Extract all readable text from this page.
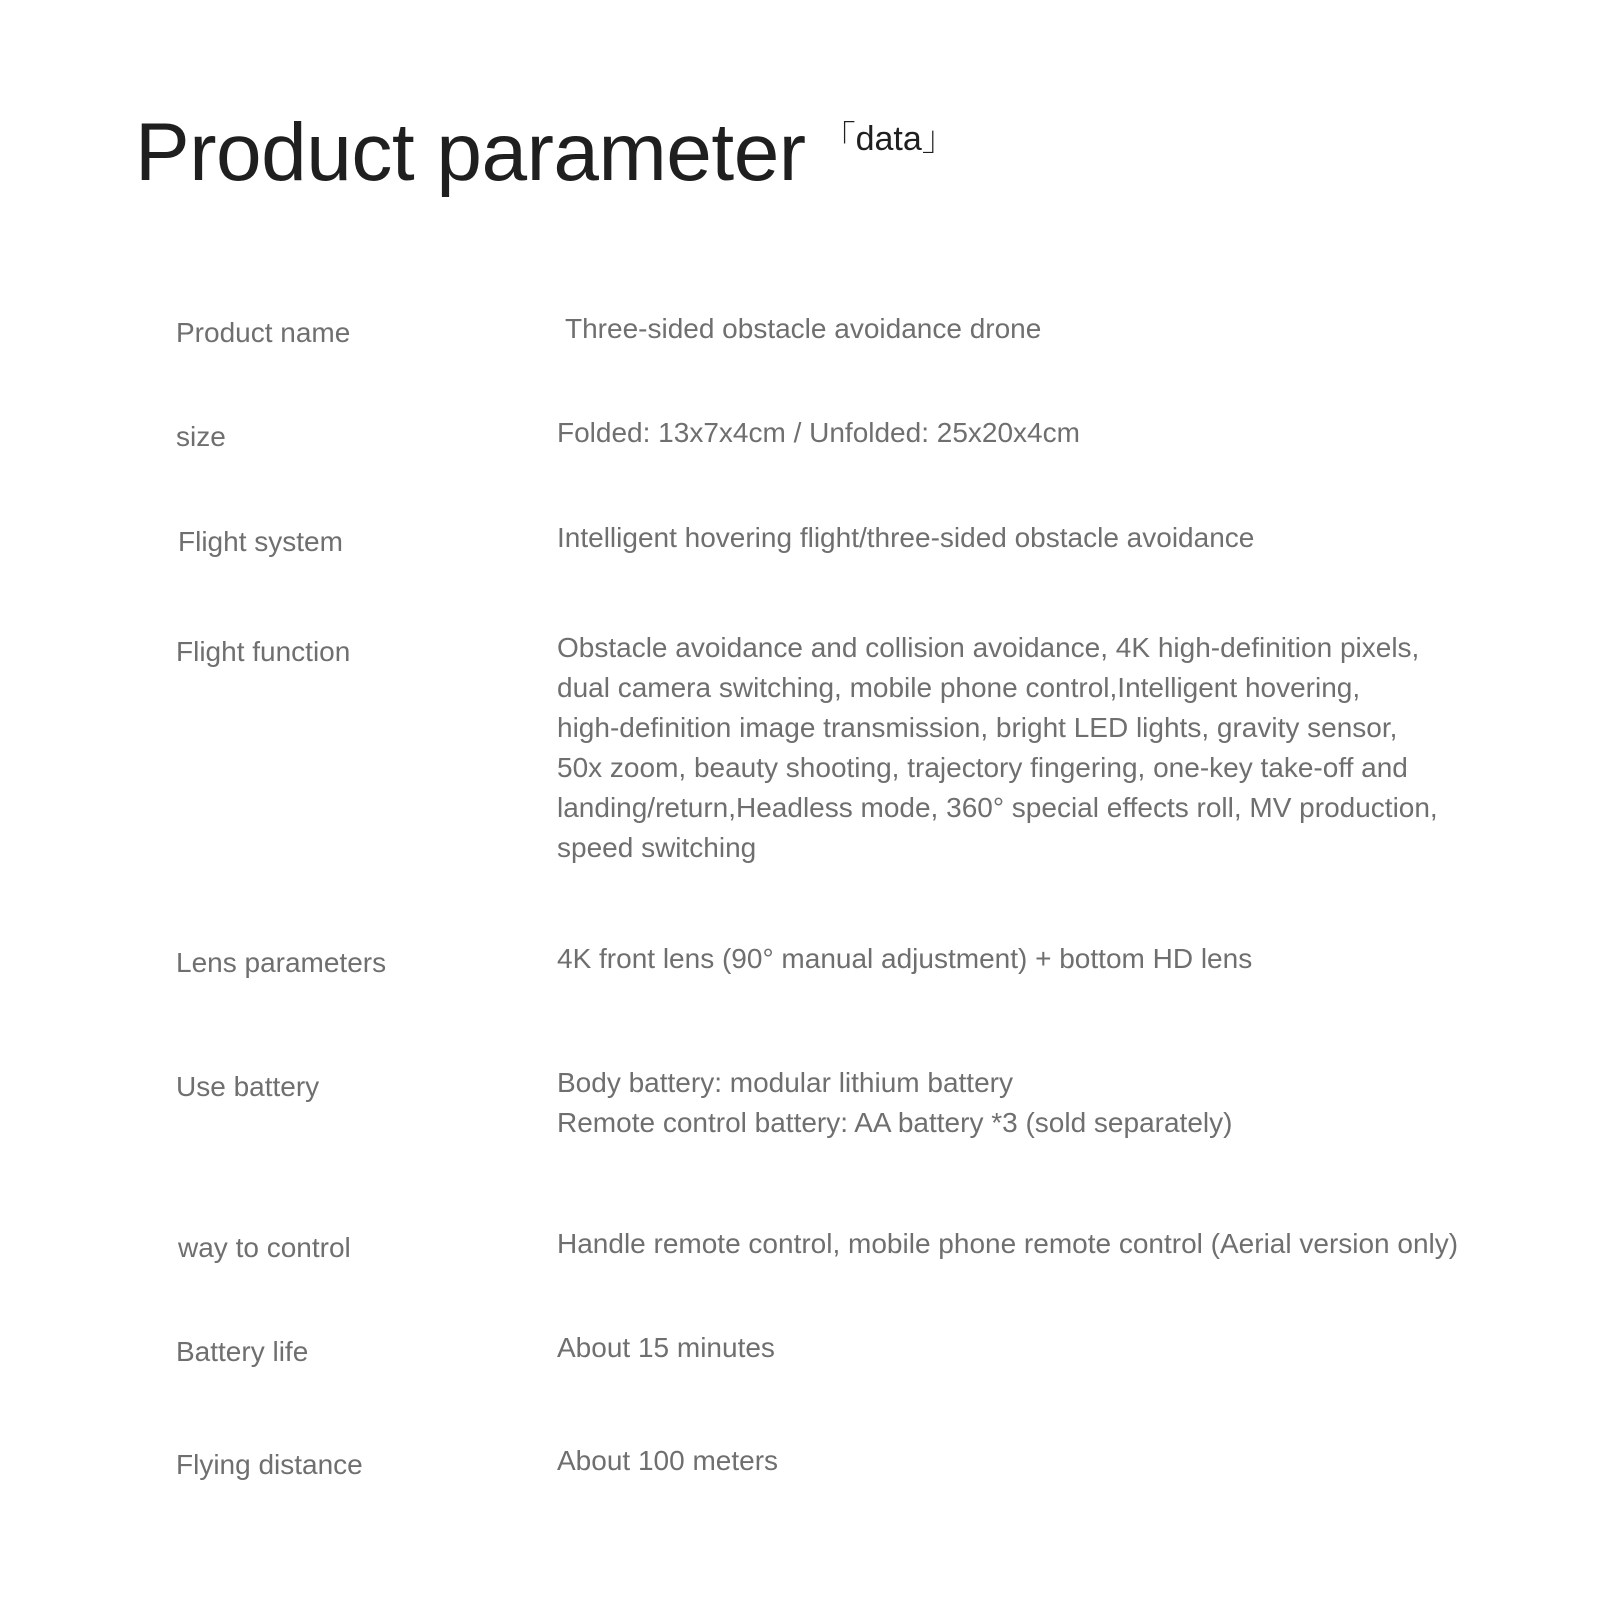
Product parameter 「data」
Product name	Three-sided obstacle avoidance drone
size	Folded: 13x7x4cm / Unfolded: 25x20x4cm
Flight system	Intelligent hovering flight/three-sided obstacle avoidance
Flight function	Obstacle avoidance and collision avoidance, 4K high-definition pixels,
dual camera switching, mobile phone control,Intelligent hovering,
high-definition image transmission, bright LED lights, gravity sensor,
50x zoom, beauty shooting, trajectory fingering, one-key take-off and
landing/return,Headless mode, 360° special effects roll, MV production,
speed switching
Lens parameters	4K front lens (90° manual adjustment) + bottom HD lens
Use battery	Body battery: modular lithium battery
Remote control battery: AA battery *3 (sold separately)
way to control	Handle remote control, mobile phone remote control (Aerial version only)
Battery life	About 15 minutes
Flying distance	About 100 meters
